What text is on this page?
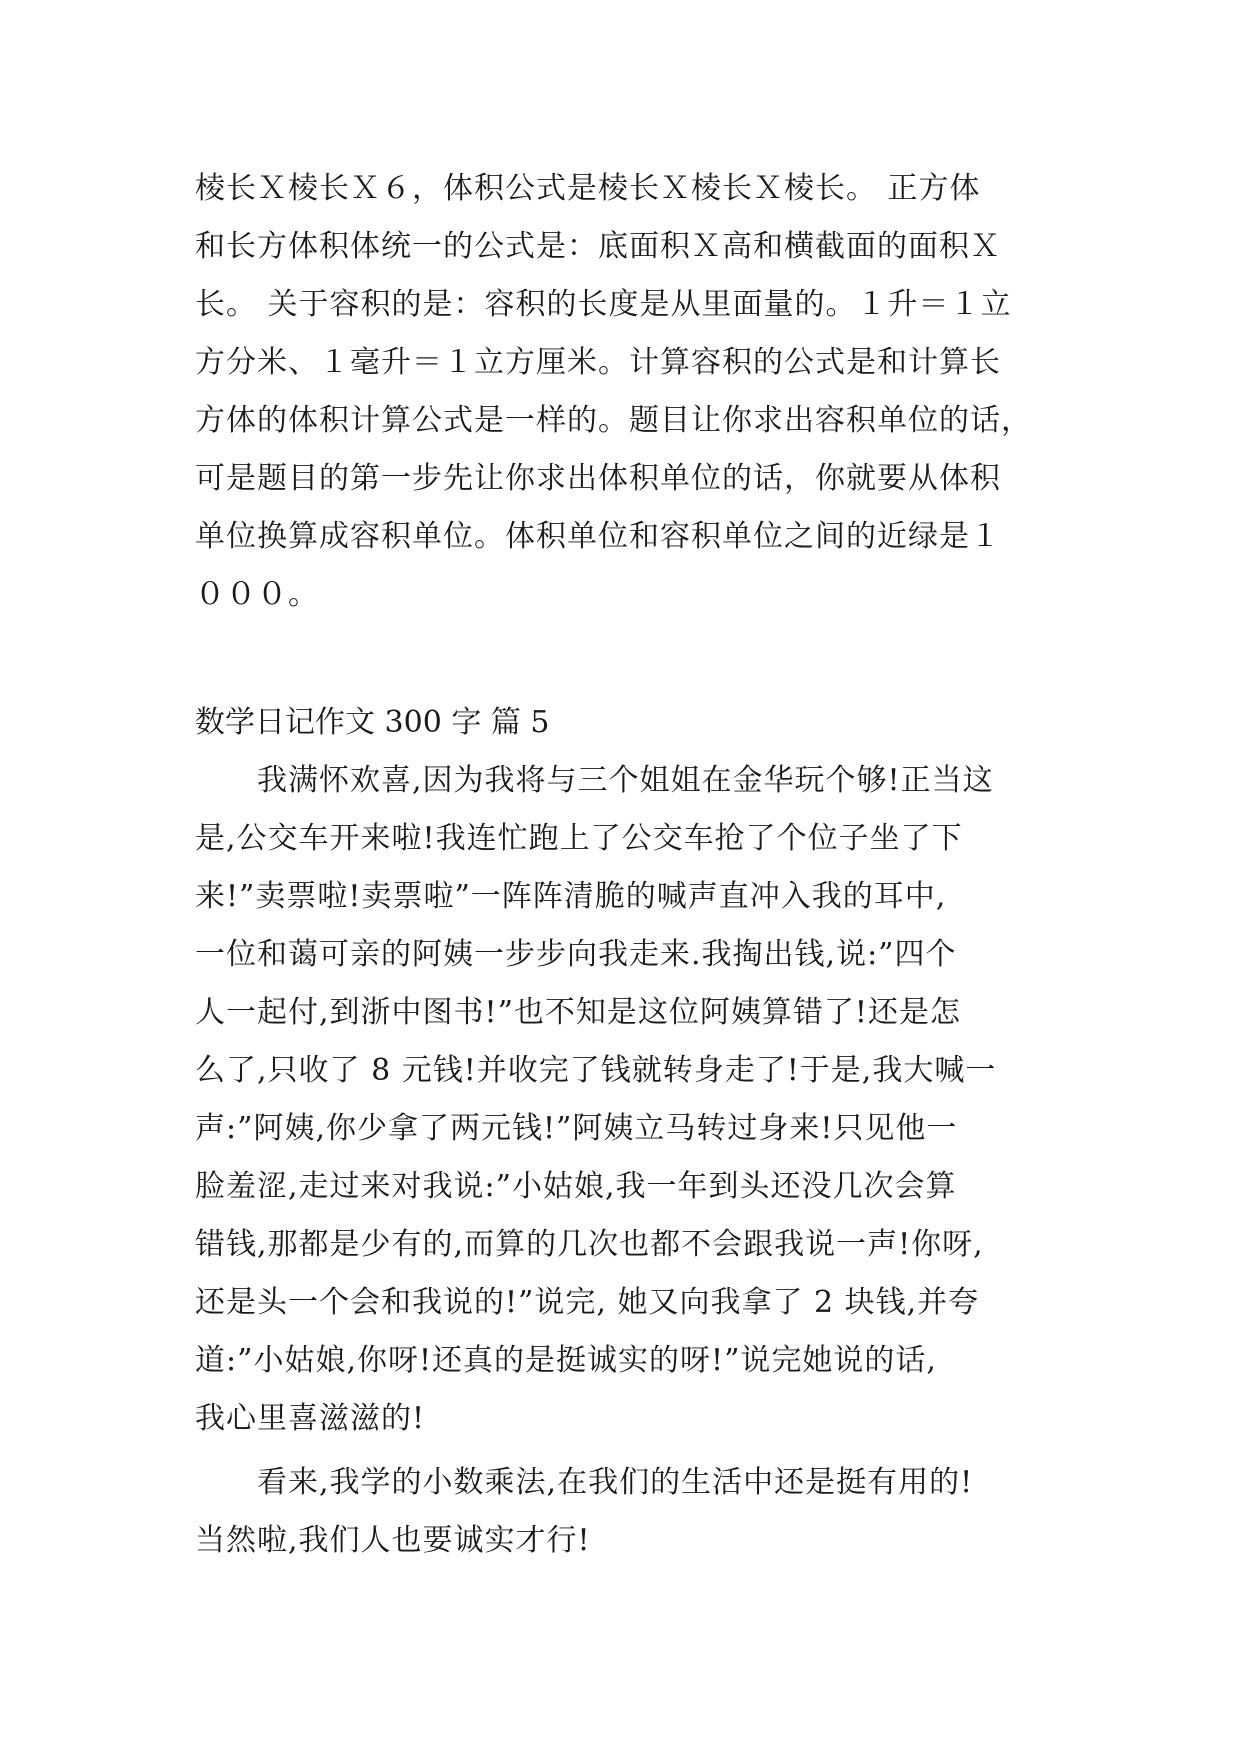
棱长Ｘ棱长Ｘ６，体积公式是棱长Ｘ棱长Ｘ棱长。 正方体
和长方体积体统一的公式是：底面积Ｘ高和横截面的面积Ｘ
长。 关于容积的是：容积的长度是从里面量的。１升＝１立
方分米、１毫升＝１立方厘米。计算容积的公式是和计算长
方体的体积计算公式是一样的。题目让你求出容积单位的话，
可是题目的第一步先让你求出体积单位的话，你就要从体积
单位换算成容积单位。体积单位和容积单位之间的近绿是１
０００。
数学日记作文 300 字 篇 5
　　我满怀欢喜,因为我将与三个姐姐在金华玩个够!正当这
是,公交车开来啦!我连忙跑上了公交车抢了个位子坐了下
来!”卖票啦!卖票啦”一阵阵清脆的喊声直冲入我的耳中,
一位和蔼可亲的阿姨一步步向我走来.我掏出钱,说:”四个
人一起付,到浙中图书!”也不知是这位阿姨算错了!还是怎
么了,只收了 8 元钱!并收完了钱就转身走了!于是,我大喊一
声:”阿姨,你少拿了两元钱!”阿姨立马转过身来!只见他一
脸羞涩,走过来对我说:”小姑娘,我一年到头还没几次会算
错钱,那都是少有的,而算的几次也都不会跟我说一声!你呀,
还是头一个会和我说的!”说完, 她又向我拿了 2 块钱,并夸
道:”小姑娘,你呀!还真的是挺诚实的呀!”说完她说的话,
我心里喜滋滋的!
　　看来,我学的小数乘法,在我们的生活中还是挺有用的!
当然啦,我们人也要诚实才行!
